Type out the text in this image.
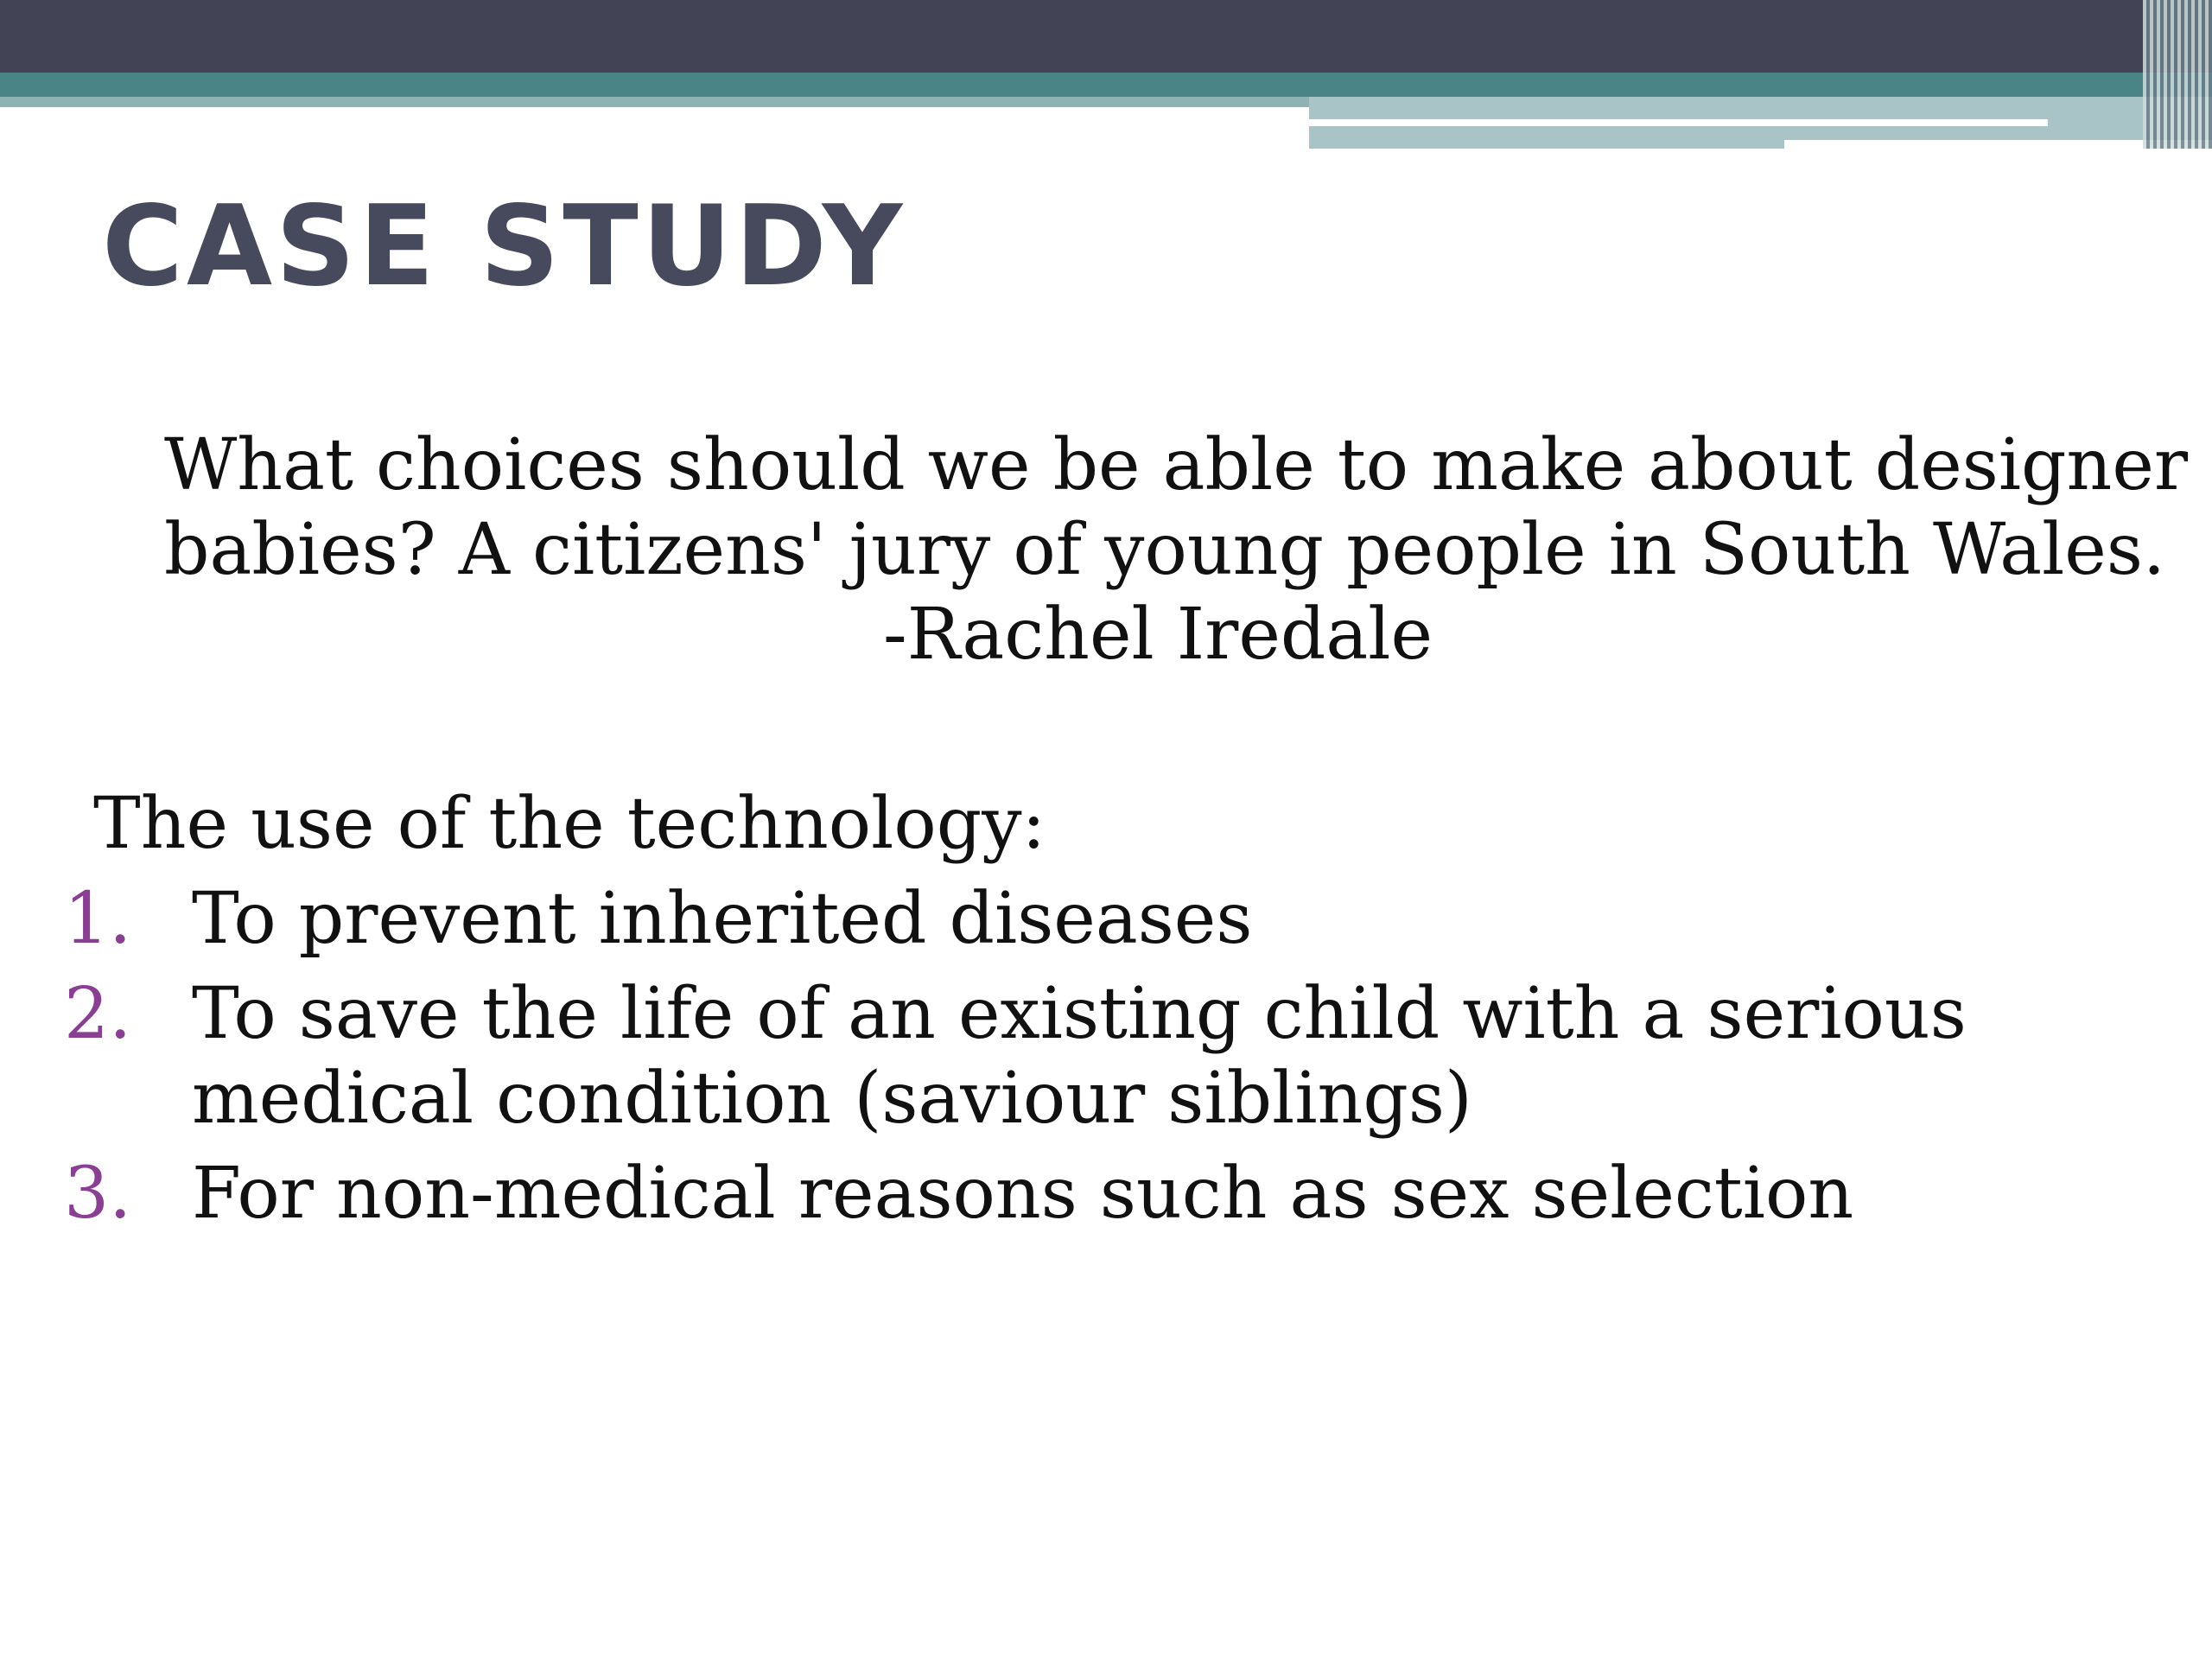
CASE STUDY
What choices should we be able to make about designer
babies? A citizens' jury of young people in South Wales.
-Rachel Iredale
The use of the technology:
1. To prevent inherited diseases
2. To save the life of an existing child with a serious medical condition (saviour siblings)
3. For non-medical reasons such as sex selection
